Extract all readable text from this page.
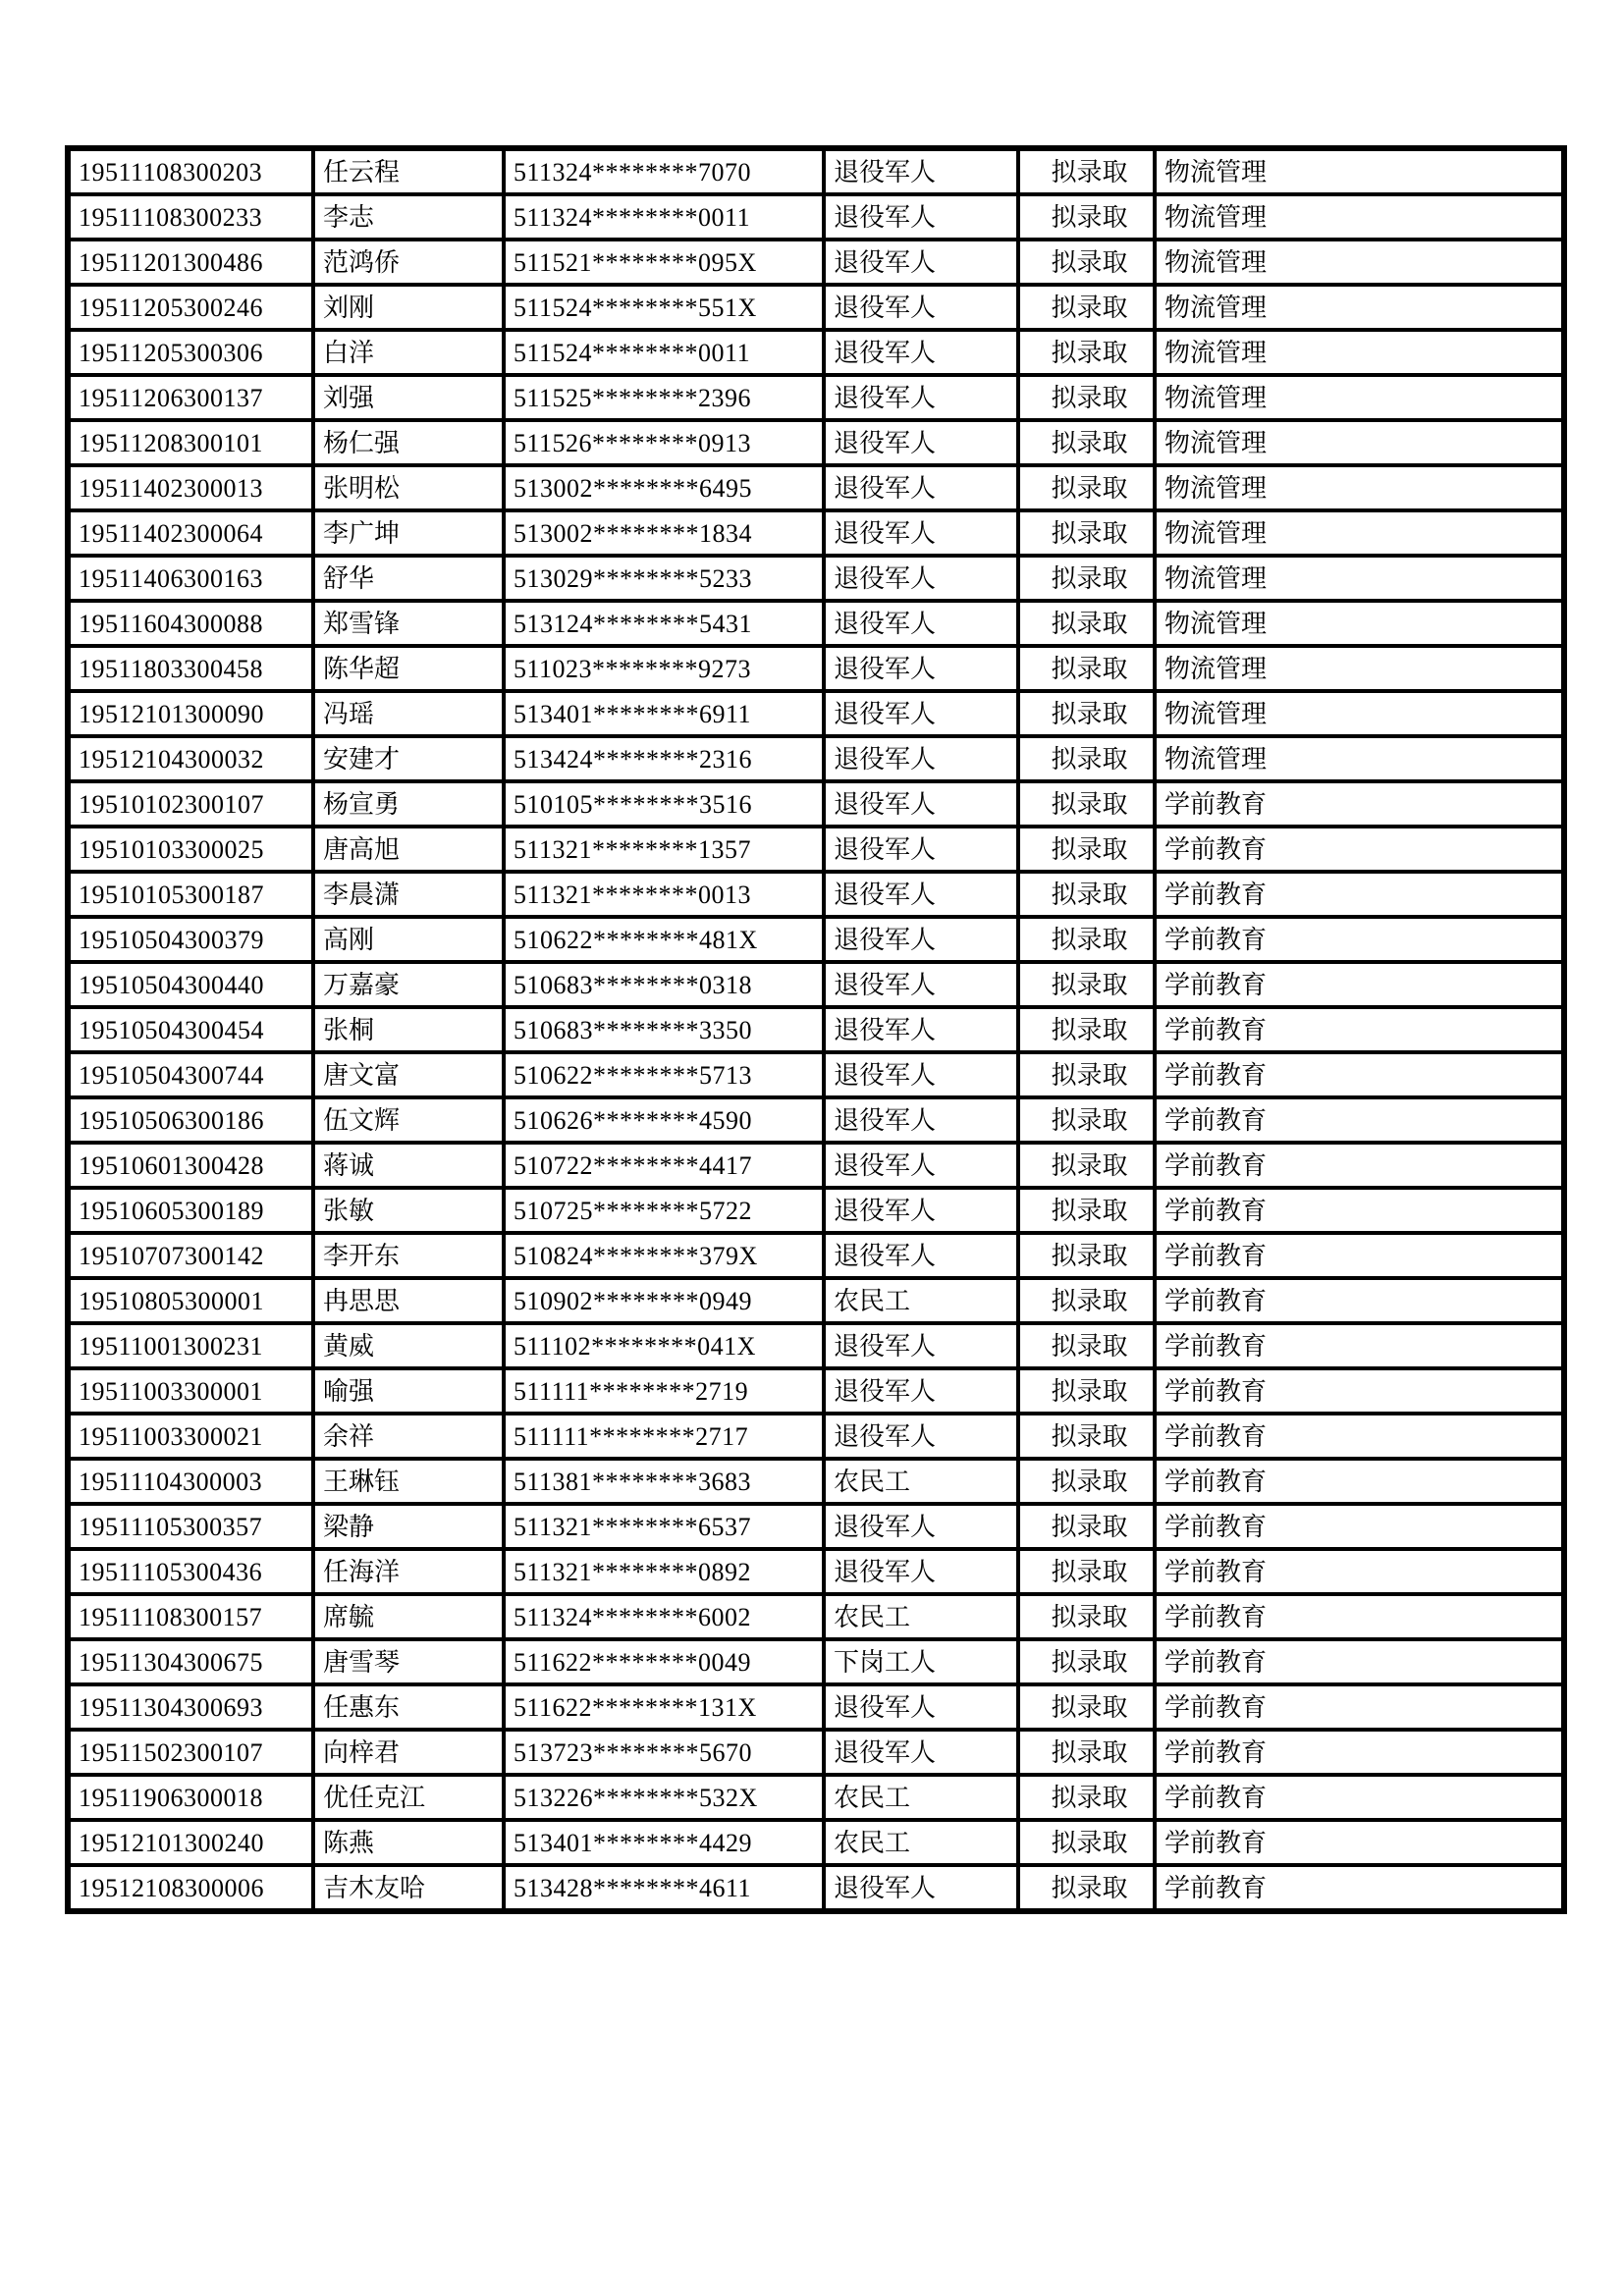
19511108300203	任云程	511324********7070	退役军人	拟录取	物流管理
19511108300233	李志	511324********0011	退役军人	拟录取	物流管理
19511201300486	范鸿侨	511521********095X	退役军人	拟录取	物流管理
19511205300246	刘刚	511524********551X	退役军人	拟录取	物流管理
19511205300306	白洋	511524********0011	退役军人	拟录取	物流管理
19511206300137	刘强	511525********2396	退役军人	拟录取	物流管理
19511208300101	杨仁强	511526********0913	退役军人	拟录取	物流管理
19511402300013	张明松	513002********6495	退役军人	拟录取	物流管理
19511402300064	李广坤	513002********1834	退役军人	拟录取	物流管理
19511406300163	舒华	513029********5233	退役军人	拟录取	物流管理
19511604300088	郑雪锋	513124********5431	退役军人	拟录取	物流管理
19511803300458	陈华超	511023********9273	退役军人	拟录取	物流管理
19512101300090	冯瑶	513401********6911	退役军人	拟录取	物流管理
19512104300032	安建才	513424********2316	退役军人	拟录取	物流管理
19510102300107	杨宣勇	510105********3516	退役军人	拟录取	学前教育
19510103300025	唐高旭	511321********1357	退役军人	拟录取	学前教育
19510105300187	李晨潇	511321********0013	退役军人	拟录取	学前教育
19510504300379	高刚	510622********481X	退役军人	拟录取	学前教育
19510504300440	万嘉豪	510683********0318	退役军人	拟录取	学前教育
19510504300454	张桐	510683********3350	退役军人	拟录取	学前教育
19510504300744	唐文富	510622********5713	退役军人	拟录取	学前教育
19510506300186	伍文辉	510626********4590	退役军人	拟录取	学前教育
19510601300428	蒋诚	510722********4417	退役军人	拟录取	学前教育
19510605300189	张敏	510725********5722	退役军人	拟录取	学前教育
19510707300142	李开东	510824********379X	退役军人	拟录取	学前教育
19510805300001	冉思思	510902********0949	农民工	拟录取	学前教育
19511001300231	黄威	511102********041X	退役军人	拟录取	学前教育
19511003300001	喻强	511111********2719	退役军人	拟录取	学前教育
19511003300021	余祥	511111********2717	退役军人	拟录取	学前教育
19511104300003	王琳钰	511381********3683	农民工	拟录取	学前教育
19511105300357	梁静	511321********6537	退役军人	拟录取	学前教育
19511105300436	任海洋	511321********0892	退役军人	拟录取	学前教育
19511108300157	席毓	511324********6002	农民工	拟录取	学前教育
19511304300675	唐雪琴	511622********0049	下岗工人	拟录取	学前教育
19511304300693	任惠东	511622********131X	退役军人	拟录取	学前教育
19511502300107	向梓君	513723********5670	退役军人	拟录取	学前教育
19511906300018	优任克江	513226********532X	农民工	拟录取	学前教育
19512101300240	陈燕	513401********4429	农民工	拟录取	学前教育
19512108300006	吉木友哈	513428********4611	退役军人	拟录取	学前教育
